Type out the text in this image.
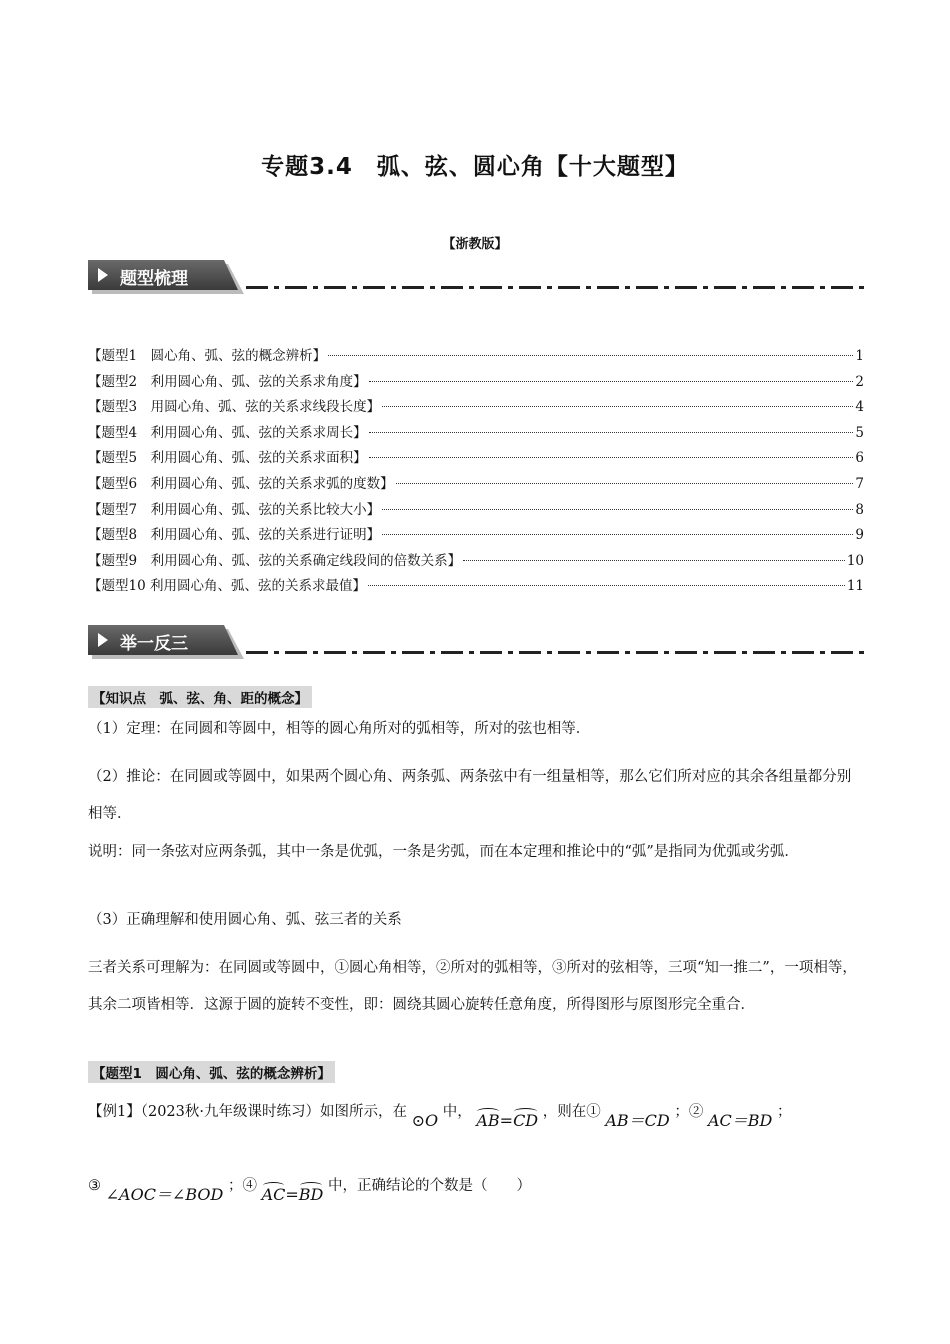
专题3.4　弧、弦、圆心角【十大题型】
【浙教版】
题型梳理
【题型1　圆心角、弧、弦的概念辨析】	1
【题型2　利用圆心角、弧、弦的关系求角度】	2
【题型3　用圆心角、弧、弦的关系求线段长度】	4
【题型4　利用圆心角、弧、弦的关系求周长】	5
【题型5　利用圆心角、弧、弦的关系求面积】	6
【题型6　利用圆心角、弧、弦的关系求弧的度数】	7
【题型7　利用圆心角、弧、弦的关系比较大小】	8
【题型8　利用圆心角、弧、弦的关系进行证明】	9
【题型9　利用圆心角、弧、弦的关系确定线段间的倍数关系】	10
【题型10 利用圆心角、弧、弦的关系求最值】	11
举一反三
【知识点　弧、弦、角、距的概念】
（1）定理：在同圆和等圆中，相等的圆心角所对的弧相等，所对的弦也相等．
（2）推论：在同圆或等圆中，如果两个圆心角、两条弧、两条弦中有一组量相等，那么它们所对应的其余各组量都分别相等．
说明：同一条弦对应两条弧，其中一条是优弧，一条是劣弧，而在本定理和推论中的“弧”是指同为优弧或劣弧．
（3）正确理解和使用圆心角、弧、弦三者的关系
三者关系可理解为：在同圆或等圆中，①圆心角相等，②所对的弧相等，③所对的弦相等，三项“知一推二”，一项相等，其余二项皆相等．这源于圆的旋转不变性，即：圆绕其圆心旋转任意角度，所得图形与原图形完全重合．
【题型1　圆心角、弧、弦的概念辨析】
【例1】（2023秋·九年级课时练习）如图所示，在 ⊙O 中， AB=CD ，则在① AB＝CD ；② AC＝BD ；
③ ∠AOC＝∠BOD ；④ AC=BD 中，正确结论的个数是（　　）
